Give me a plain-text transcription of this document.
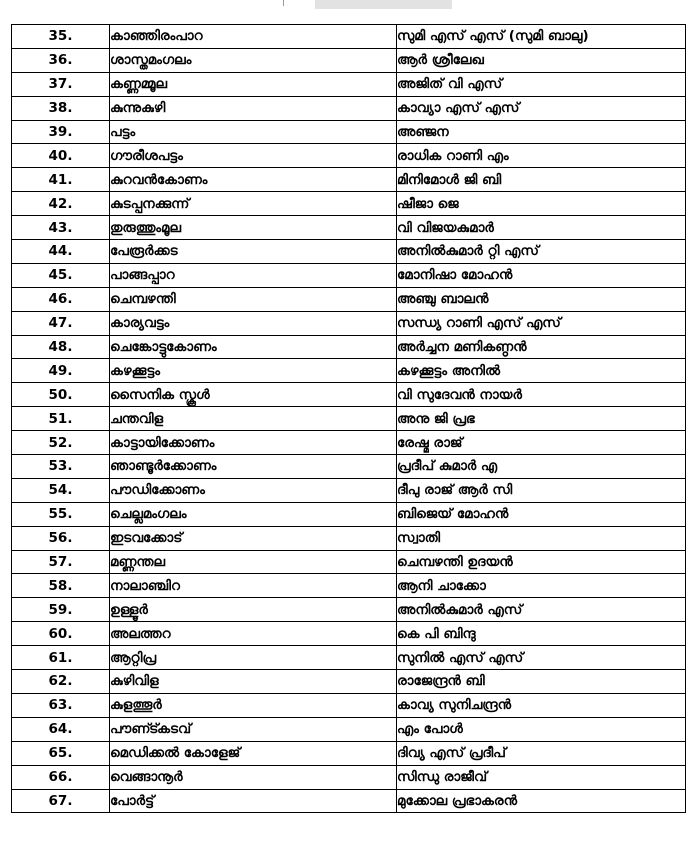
35.	കാഞ്ഞിരംപാറ	സുമി എസ് എസ് (സുമി ബാലു)
36.	ശാസ്തമംഗലം	ആര്‍ ശ്രീലേഖ
37.	കണ്ണമ്മൂല	അജിത് വി എസ്
38.	കുന്നുകുഴി	കാവ്യാ എസ് എസ്
39.	പട്ടം	അഞ്ജന
40.	ഗൗരീശപട്ടം	രാധിക റാണി എം
41.	കുറവന്‍കോണം	മിനിമോള്‍ ജി ബി
42.	കുടപ്പനക്കുന്ന്	ഷീജാ ജെ
43.	തുരുത്തുംമൂല	വി വിജയകുമാര്‍
44.	പേരൂര്‍ക്കട	അനില്‍കുമാര്‍ റ്റി എസ്
45.	പാങ്ങപ്പാറ	മോനിഷാ മോഹന്‍
46.	ചെമ്പഴന്തി	അഞ്ചു ബാലന്‍
47.	കാര്യവട്ടം	സന്ധ്യ റാണി എസ് എസ്
48.	ചെങ്കോട്ടുകോണം	അര്‍ച്ചന മണികണ്ഠന്‍
49.	കഴക്കൂട്ടം	കഴക്കൂട്ടം അനില്‍
50.	സൈനിക സ്കൂള്‍	വി സുദേവന്‍ നായര്‍
51.	ചന്തവിള	അനു ജി പ്രഭ
52.	കാട്ടായിക്കോണം	രേഷ്മ രാജ്
53.	ഞാണ്ടൂര്‍ക്കോണം	പ്രദീപ് കുമാര്‍ എ
54.	പൗഡിക്കോണം	ദീപു രാജ് ആര്‍ സി
55.	ചെല്ലമംഗലം	ബിജെയ് മോഹന്‍
56.	ഇടവക്കോട്	സ്വാതി
57.	മണ്ണന്തല	ചെമ്പഴന്തി ഉദയന്‍
58.	നാലാഞ്ചിറ	ആനി ചാക്കോ
59.	ഉള്ളൂര്‍	അനില്‍കുമാര്‍ എസ്
60.	അലത്തറ	കെ പി ബിന്ദു
61.	ആറ്റിപ്ര	സുനില്‍ എസ് എസ്
62.	കുഴിവിള	രാജേന്ദ്രന്‍ ബി
63.	കുളത്തൂര്‍	കാവ്യ സുനിചന്ദ്രന്‍
64.	പൗണ്ട്കടവ്	എം പോള്‍
65.	മെഡിക്കല്‍ കോളേജ്	ദിവ്യ എസ് പ്രദീപ്
66.	വെങ്ങാനൂര്‍	സിന്ധു രാജീവ്
67.	പോര്‍ട്ട്	മുക്കോല പ്രഭാകരന്‍
